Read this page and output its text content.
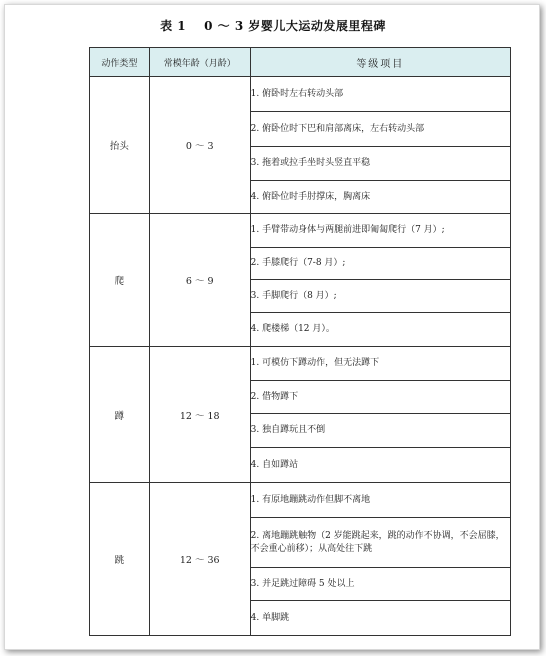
表 1 0 ～ 3 岁婴儿大运动发展里程碑
动作类型	常模年龄（月龄）	等级项目
抬头	0 ～ 3	1. 俯卧时左右转动头部
		2. 俯卧位时下巴和肩部离床，左右转动头部
		3. 拖着或拉手坐时头竖直平稳
		4. 俯卧位时手肘撑床，胸离床
爬	6 ～ 9	1. 手臂带动身体与两腿前进即匍匐爬行（7 月）;
		2. 手膝爬行（7-8 月）;
		3. 手脚爬行（8 月）;
		4. 爬楼梯（12 月）。
蹲	12 ～ 18	1. 可模仿下蹲动作，但无法蹲下
		2. 借物蹲下
		3. 独自蹲玩且不倒
		4. 自如蹲站
跳	12 ～ 36	1. 有原地蹦跳动作但脚不离地
		2. 离地蹦跳触物（2 岁能跳起来，跳的动作不协调，不会屈膝，不会重心前移）；从高处往下跳
		3. 并足跳过障碍 5 处以上
		4. 单脚跳
